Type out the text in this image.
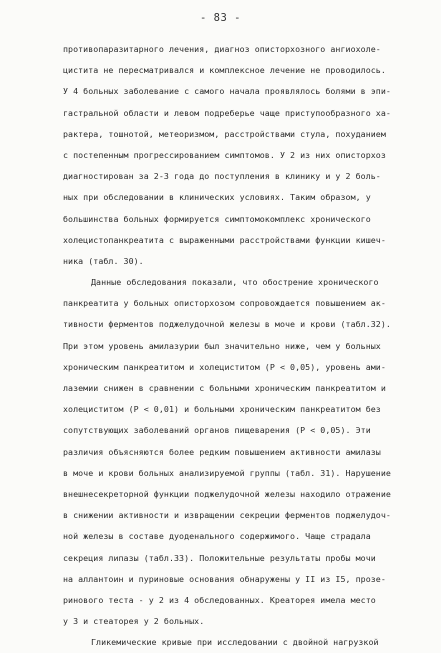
- 83 -
противопаразитарного лечения, диагноз описторхозного ангиохоле-
цистита не пересматривался и комплексное лечение не проводилось.
У 4 больных заболевание с самого начала проявлялось болями в эпи-
гастральной области и левом подреберье чаще приступообразного ха-
рактера, тошнотой, метеоризмом, расстройствами стула, похуданием
с постепенным прогрессированием симптомов. У 2 из них описторхоз
диагностирован за 2-3 года до поступления в клинику и у 2 боль-
ных при обследовании в клинических условиях. Таким образом, у
большинства больных формируется симптомокомплекс хронического
холецистопанкреатита с выраженными расстройствами функции кишеч-
ника (табл. 30).
Данные обследования показали, что обострение хронического
панкреатита у больных описторхозом сопровождается повышением ак-
тивности ферментов поджелудочной железы в моче и крови (табл.32).
При этом уровень амилазурии был значительно ниже, чем у больных
хроническим панкреатитом и холециститом (Р < 0,05), уровень ами-
лаземии снижен в сравнении с больными хроническим панкреатитом и
холециститом (Р < 0,01) и больными хроническим панкреатитом без
сопутствующих заболеваний органов пищеварения (Р < 0,05). Эти
различия объясняются более редким повышением активности амилазы
в моче и крови больных анализируемой группы (табл. 31). Нарушение
внешнесекреторной функции поджелудочной железы находило отражение
в снижении активности и извращении секреции ферментов поджелудоч-
ной железы в составе дуоденального содержимого. Чаще страдала
секреция липазы (табл.33). Положительные результаты пробы мочи
на аллантоин и пуриновые основания обнаружены у II из I5, прозе-
ринового теста - у 2 из 4 обследованных. Креаторея имела место
у 3 и стеаторея у 2 больных.
Гликемические кривые при исследовании с двойной нагрузкой
